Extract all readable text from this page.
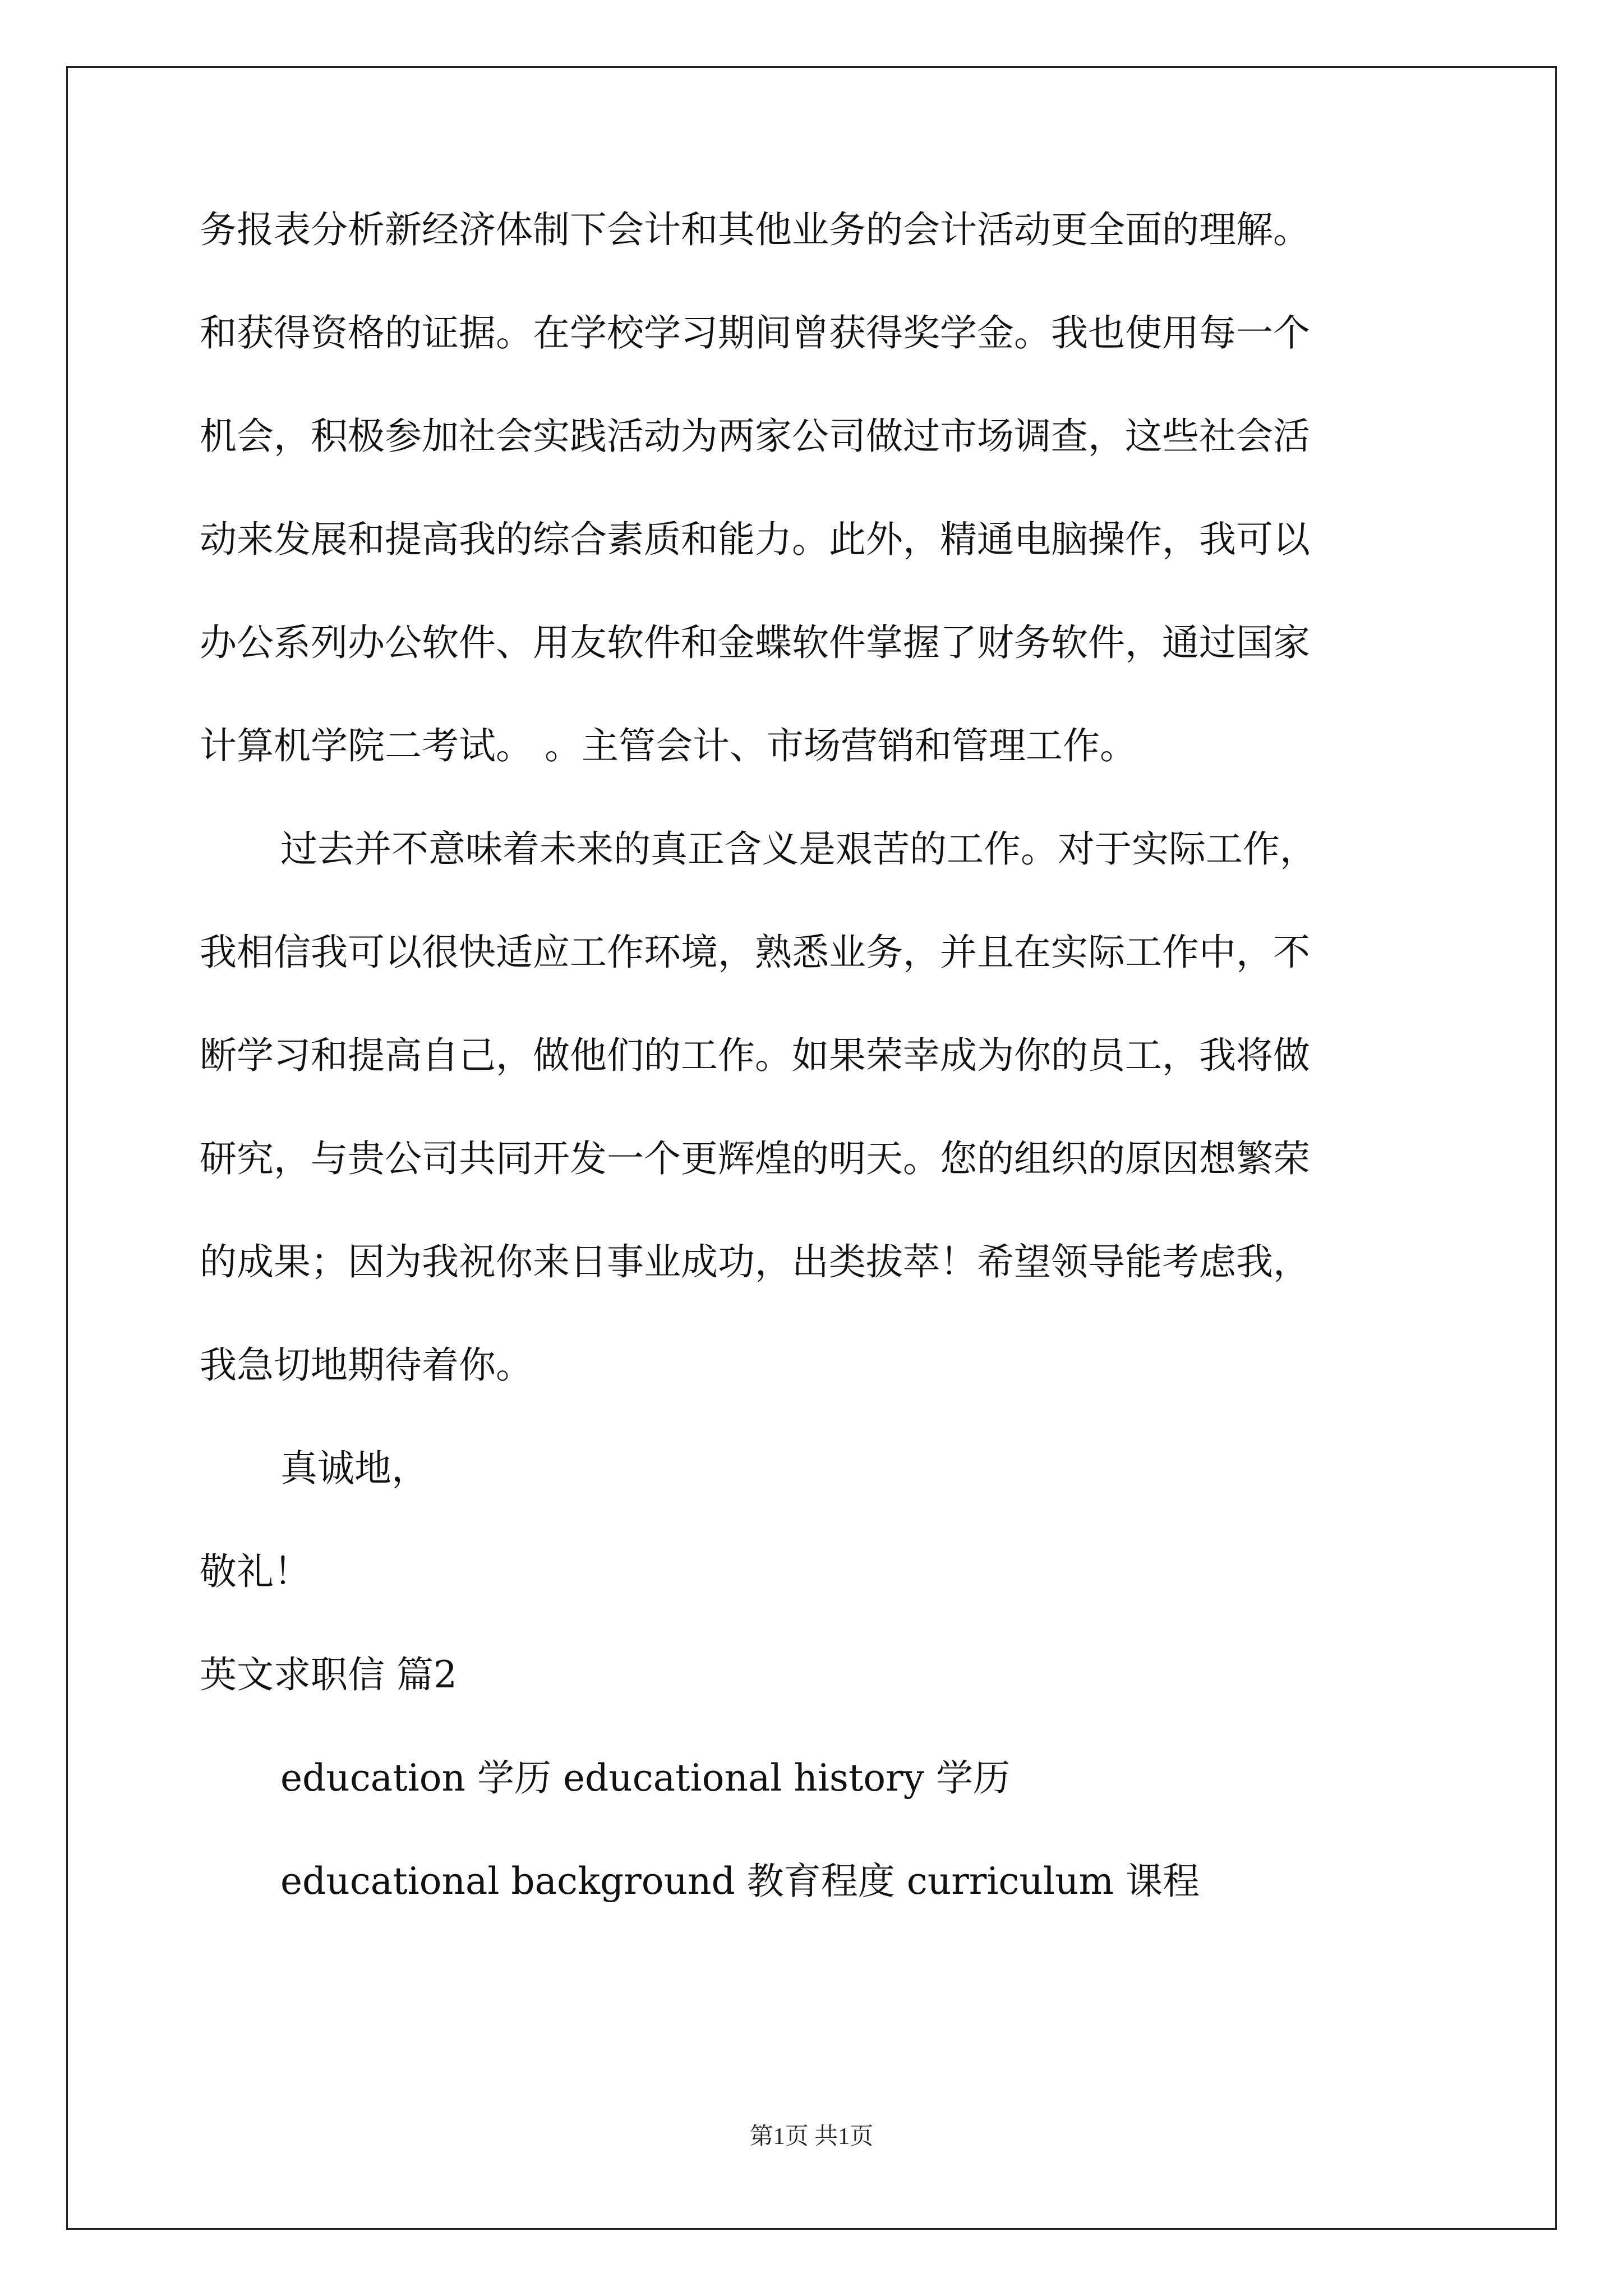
务报表分析新经济体制下会计和其他业务的会计活动更全面的理解。
和获得资格的证据。在学校学习期间曾获得奖学金。我也使用每一个
机会，积极参加社会实践活动为两家公司做过市场调查，这些社会活
动来发展和提高我的综合素质和能力。此外，精通电脑操作，我可以
办公系列办公软件、用友软件和金蝶软件掌握了财务软件，通过国家
计算机学院二考试。 。主管会计、市场营销和管理工作。
过去并不意味着未来的真正含义是艰苦的工作。对于实际工作，
我相信我可以很快适应工作环境，熟悉业务，并且在实际工作中，不
断学习和提高自己，做他们的工作。如果荣幸成为你的员工，我将做
研究，与贵公司共同开发一个更辉煌的明天。您的组织的原因想繁荣
的成果；因为我祝你来日事业成功，出类拔萃！希望领导能考虑我，
我急切地期待着你。
真诚地，
敬礼！
英文求职信 篇2
education 学历 educational history 学历
educational background 教育程度 curriculum 课程
第1页 共1页
